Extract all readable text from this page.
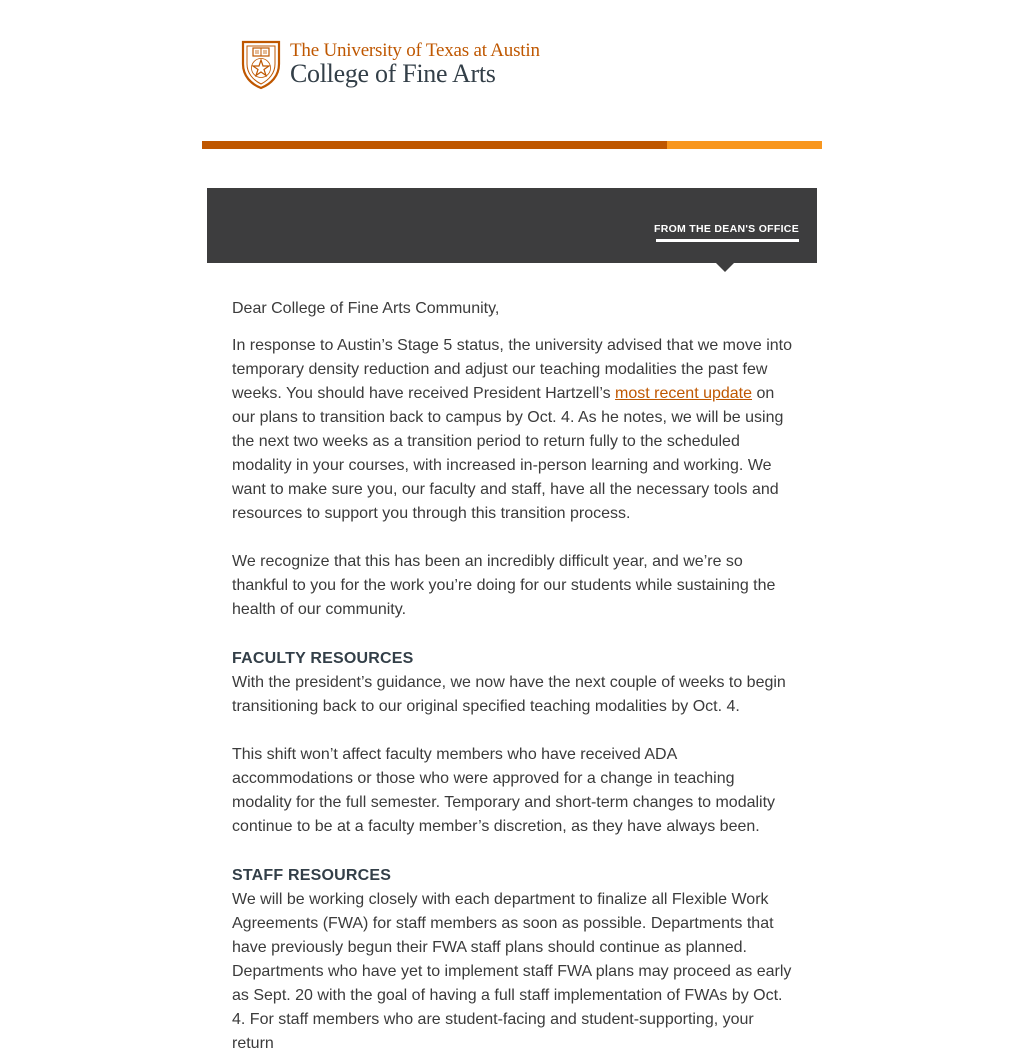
The University of Texas at Austin
College of Fine Arts
FROM THE DEAN'S OFFICE

Dear College of Fine Arts Community,

In response to Austin’s Stage 5 status, the university advised that we move into temporary density reduction and adjust our teaching modalities the past few weeks. You should have received President Hartzell’s most recent update on our plans to transition back to campus by Oct. 4. As he notes, we will be using the next two weeks as a transition period to return fully to the scheduled modality in your courses, with increased in-person learning and working. We want to make sure you, our faculty and staff, have all the necessary tools and resources to support you through this transition process.

We recognize that this has been an incredibly difficult year, and we’re so thankful to you for the work you’re doing for our students while sustaining the health of our community.

FACULTY RESOURCES

With the president’s guidance, we now have the next couple of weeks to begin transitioning back to our original specified teaching modalities by Oct. 4.

This shift won’t affect faculty members who have received ADA accommodations or those who were approved for a change in teaching modality for the full semester. Temporary and short-term changes to modality continue to be at a faculty member’s discretion, as they have always been.

STAFF RESOURCES

We will be working closely with each department to finalize all Flexible Work Agreements (FWA) for staff members as soon as possible. Departments that have previously begun their FWA staff plans should continue as planned. Departments who have yet to implement staff FWA plans may proceed as early as Sept. 20 with the goal of having a full staff implementation of FWAs by Oct. 4. For staff members who are student-facing and student-supporting, your return
